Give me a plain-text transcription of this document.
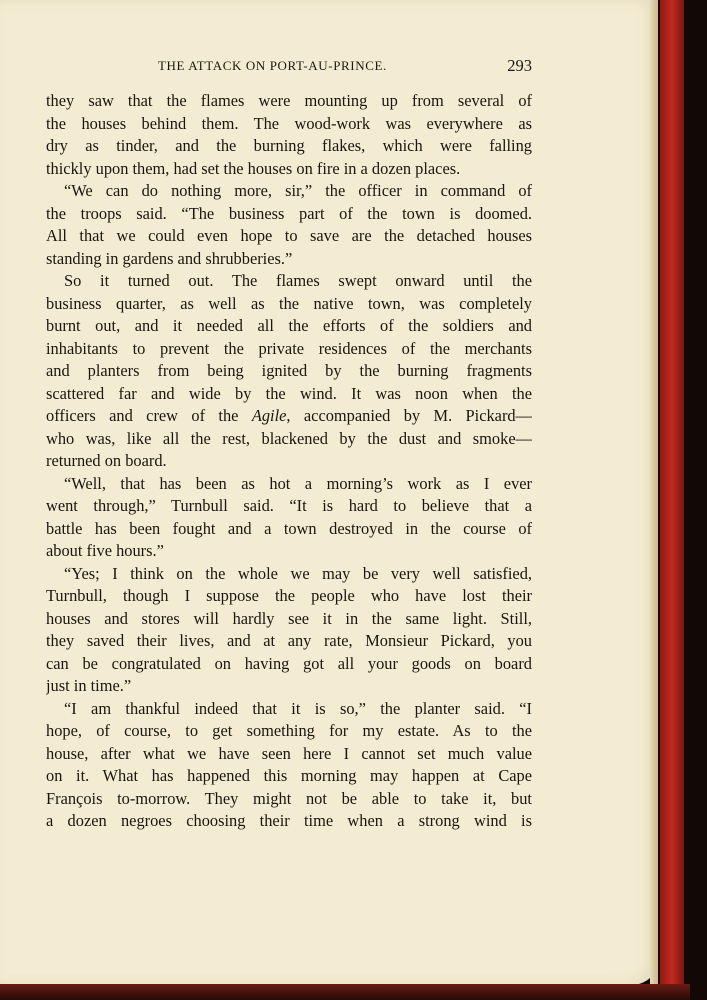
THE ATTACK ON PORT-AU-PRINCE.	293
they saw that the flames were mounting up from several of
the houses behind them. The wood-work was everywhere as
dry as tinder, and the burning flakes, which were falling
thickly upon them, had set the houses on fire in a dozen places.
“We can do nothing more, sir,” the officer in command of
the troops said. “The business part of the town is doomed.
All that we could even hope to save are the detached houses
standing in gardens and shrubberies.”
So it turned out. The flames swept onward until the
business quarter, as well as the native town, was completely
burnt out, and it needed all the efforts of the soldiers and
inhabitants to prevent the private residences of the merchants
and planters from being ignited by the burning fragments
scattered far and wide by the wind. It was noon when the
officers and crew of the Agile, accompanied by M. Pickard—
who was, like all the rest, blackened by the dust and smoke—
returned on board.
“Well, that has been as hot a morning’s work as I ever
went through,” Turnbull said. “It is hard to believe that a
battle has been fought and a town destroyed in the course of
about five hours.”
“Yes; I think on the whole we may be very well satisfied,
Turnbull, though I suppose the people who have lost their
houses and stores will hardly see it in the same light. Still,
they saved their lives, and at any rate, Monsieur Pickard, you
can be congratulated on having got all your goods on board
just in time.”
“I am thankful indeed that it is so,” the planter said. “I
hope, of course, to get something for my estate. As to the
house, after what we have seen here I cannot set much value
on it. What has happened this morning may happen at Cape
François to-morrow. They might not be able to take it, but
a dozen negroes choosing their time when a strong wind is
